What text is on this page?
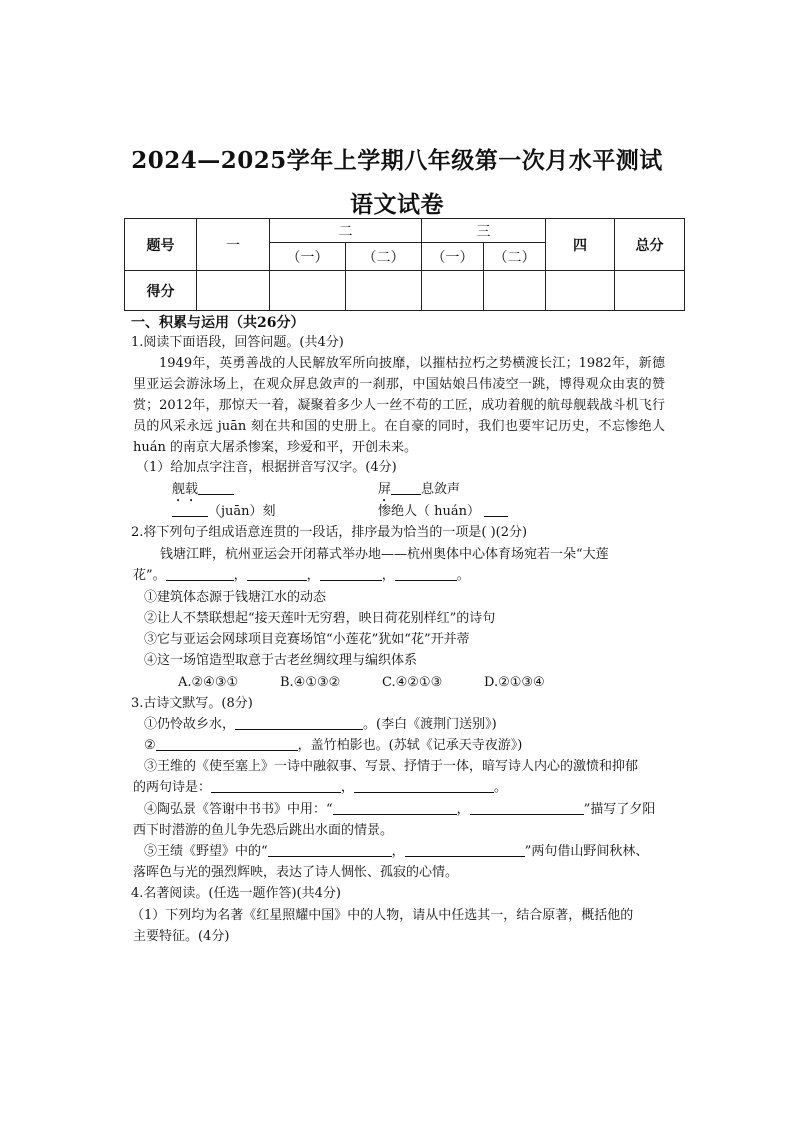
2024—2025学年上学期八年级第一次月水平测试
语文试卷
题号	一	二		三		四	总分
		（一）	（二）	（一）	（二）		
得分							
一、积累与运用（共26分）
1.阅读下面语段，回答问题。(共4分)
1949年，英勇善战的人民解放军所向披靡，以摧枯拉朽之势横渡长江；1982年，新德里亚运会游泳场上，在观众屏息敛声的一刹那，中国姑娘吕伟凌空一跳，博得观众由衷的赞赏；2012年，那惊天一着，凝聚着多少人一丝不苟的工匠，成功着舰的航母舰载战斗机飞行员的风采永远 juān 刻在共和国的史册上。在自豪的同时，我们也要牢记历史，不忘惨绝人 huán 的南京大屠杀惨案，珍爱和平，开创未来。
（1）给加点字注音，根据拼音写汉字。(4分)
舰载	屏 息敛声
（juān）刻	惨绝人（ huán）
2.将下列句子组成语意连贯的一段话，排序最为恰当的一项是( )(2分)
钱塘江畔，杭州亚运会开闭幕式举办地——杭州奥体中心体育场宛若一朵“大莲
花”。	，	，	，	。
①建筑体态源于钱塘江水的动态
②让人不禁联想起“接天莲叶无穷碧，映日荷花别样红”的诗句
③它与亚运会网球项目竞赛场馆“小莲花”犹如“花”开并蒂
④这一场馆造型取意于古老丝绸纹理与编织体系
A.②④③①	B.④①③②	C.④②①③	D.②①③④
3.古诗文默写。(8分)
①仍怜故乡水，	。(李白《渡荆门送别》)
②	，盖竹柏影也。(苏轼《记承天寺夜游》)
③王维的《使至塞上》一诗中融叙事、写景、抒情于一体，暗写诗人内心的激愤和抑郁
的两句诗是：	，	。
④陶弘景《答谢中书书》中用：“	，	”描写了夕阳
西下时潜游的鱼儿争先恐后跳出水面的情景。
⑤王绩《野望》中的“	，	”两句借山野间秋林、
落晖色与光的强烈辉映，表达了诗人惆怅、孤寂的心情。
4.名著阅读。(任选一题作答)(共4分)
（1）下列均为名著《红星照耀中国》中的人物，请从中任选其一，结合原著，概括他的
主要特征。(4分)
